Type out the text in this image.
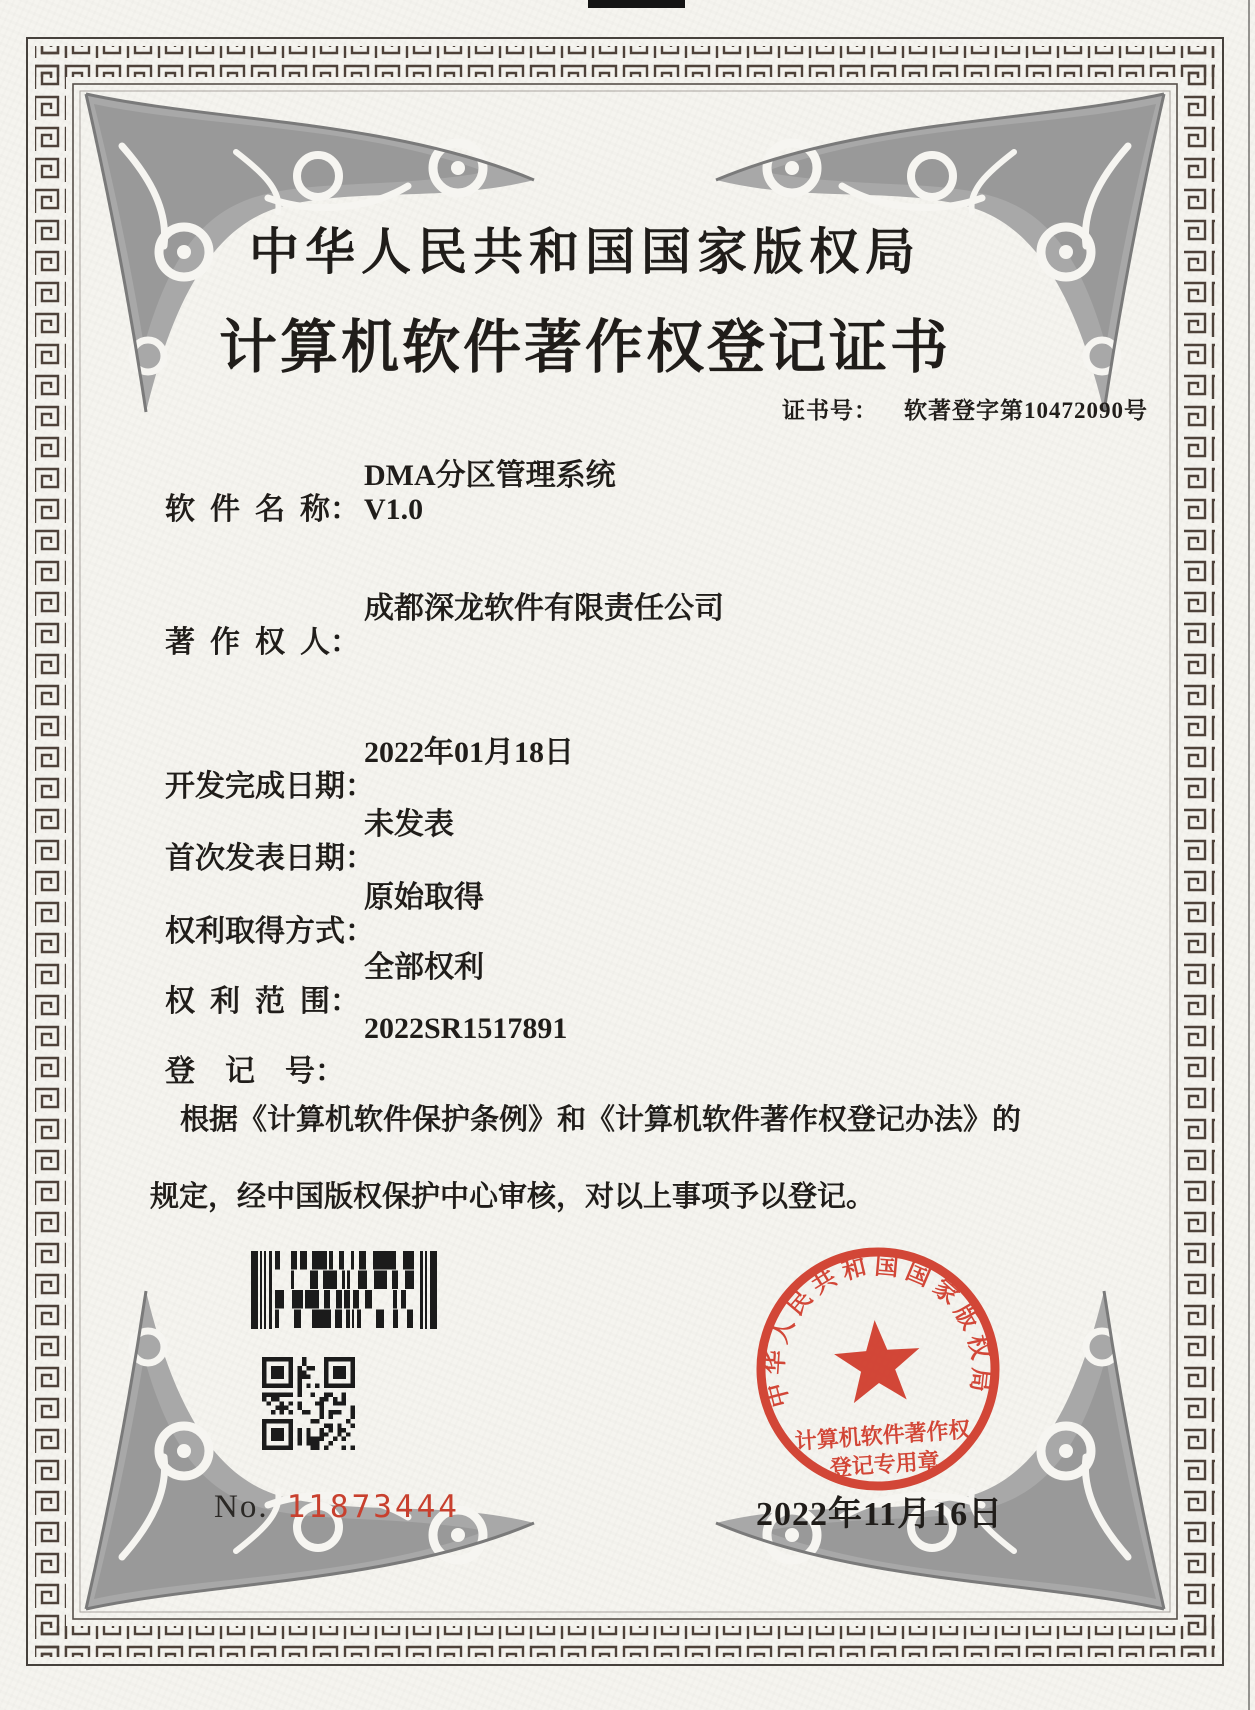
中华人民共和国国家版权局
计算机软件著作权登记证书
证书号： 软著登字第10472090号

软  件  名  称：

DMA分区管理系统

V1.0

著  作  权  人：

成都深龙软件有限责任公司

开发完成日期：

2022年01月18日

首次发表日期：

未发表

权利取得方式：

原始取得

权  利  范  围：

全部权利

登    记    号：

2022SR1517891

根据《计算机软件保护条例》和《计算机软件著作权登记办法》的
规定，经中国版权保护中心审核，对以上事项予以登记。
中华人民共和国国家版权局
计算机软件著作权
登记专用章
2022年11月16日
No. 11873444
